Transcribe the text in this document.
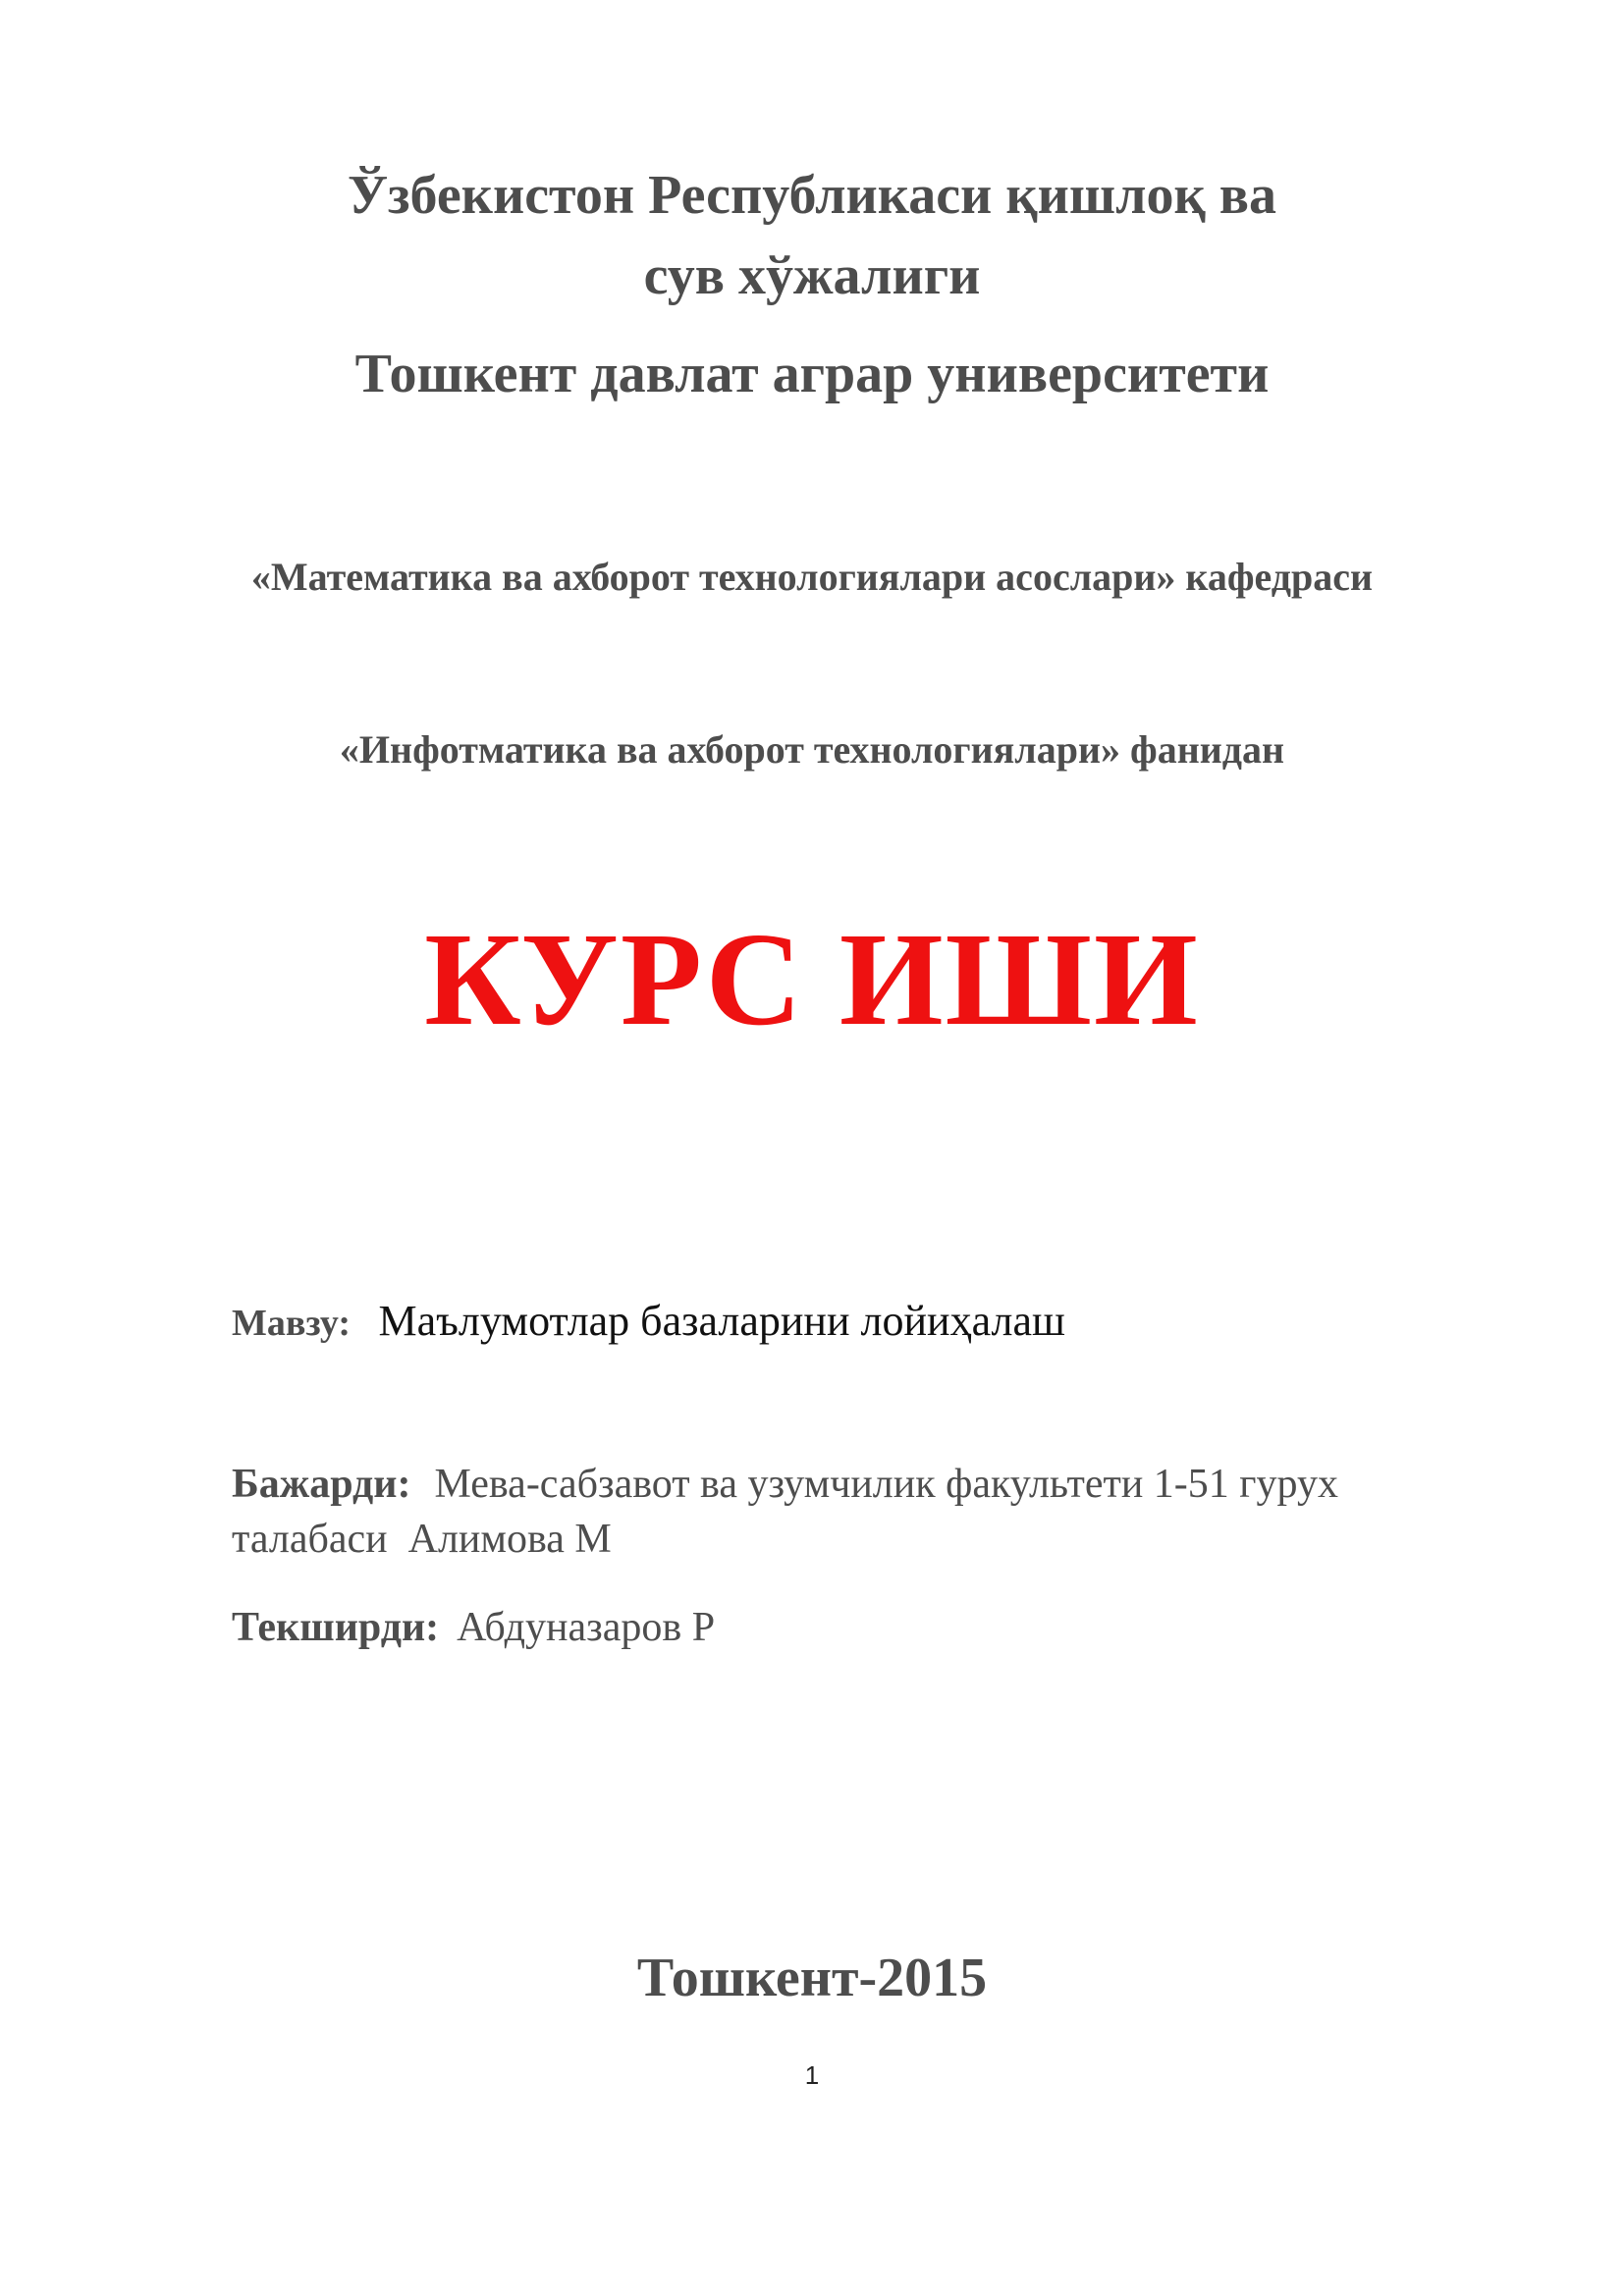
Ўзбекистон Республикаси қишлоқ ва
сув хўжалиги
Тошкент давлат аграр университети
«Математика ва ахборот технологиялари асослари» кафедраси
«Инфотматика ва ахборот технологиялари» фанидан
КУРС ИШИ
Мавзу: Маълумотлар базаларини лойиҳалаш
Бажарди: Мева-сабзавот ва узумчилик факультети 1-51 гурух
талабаси  Алимова М
Текширди: Абдуназаров Р
Тошкент-2015
1
